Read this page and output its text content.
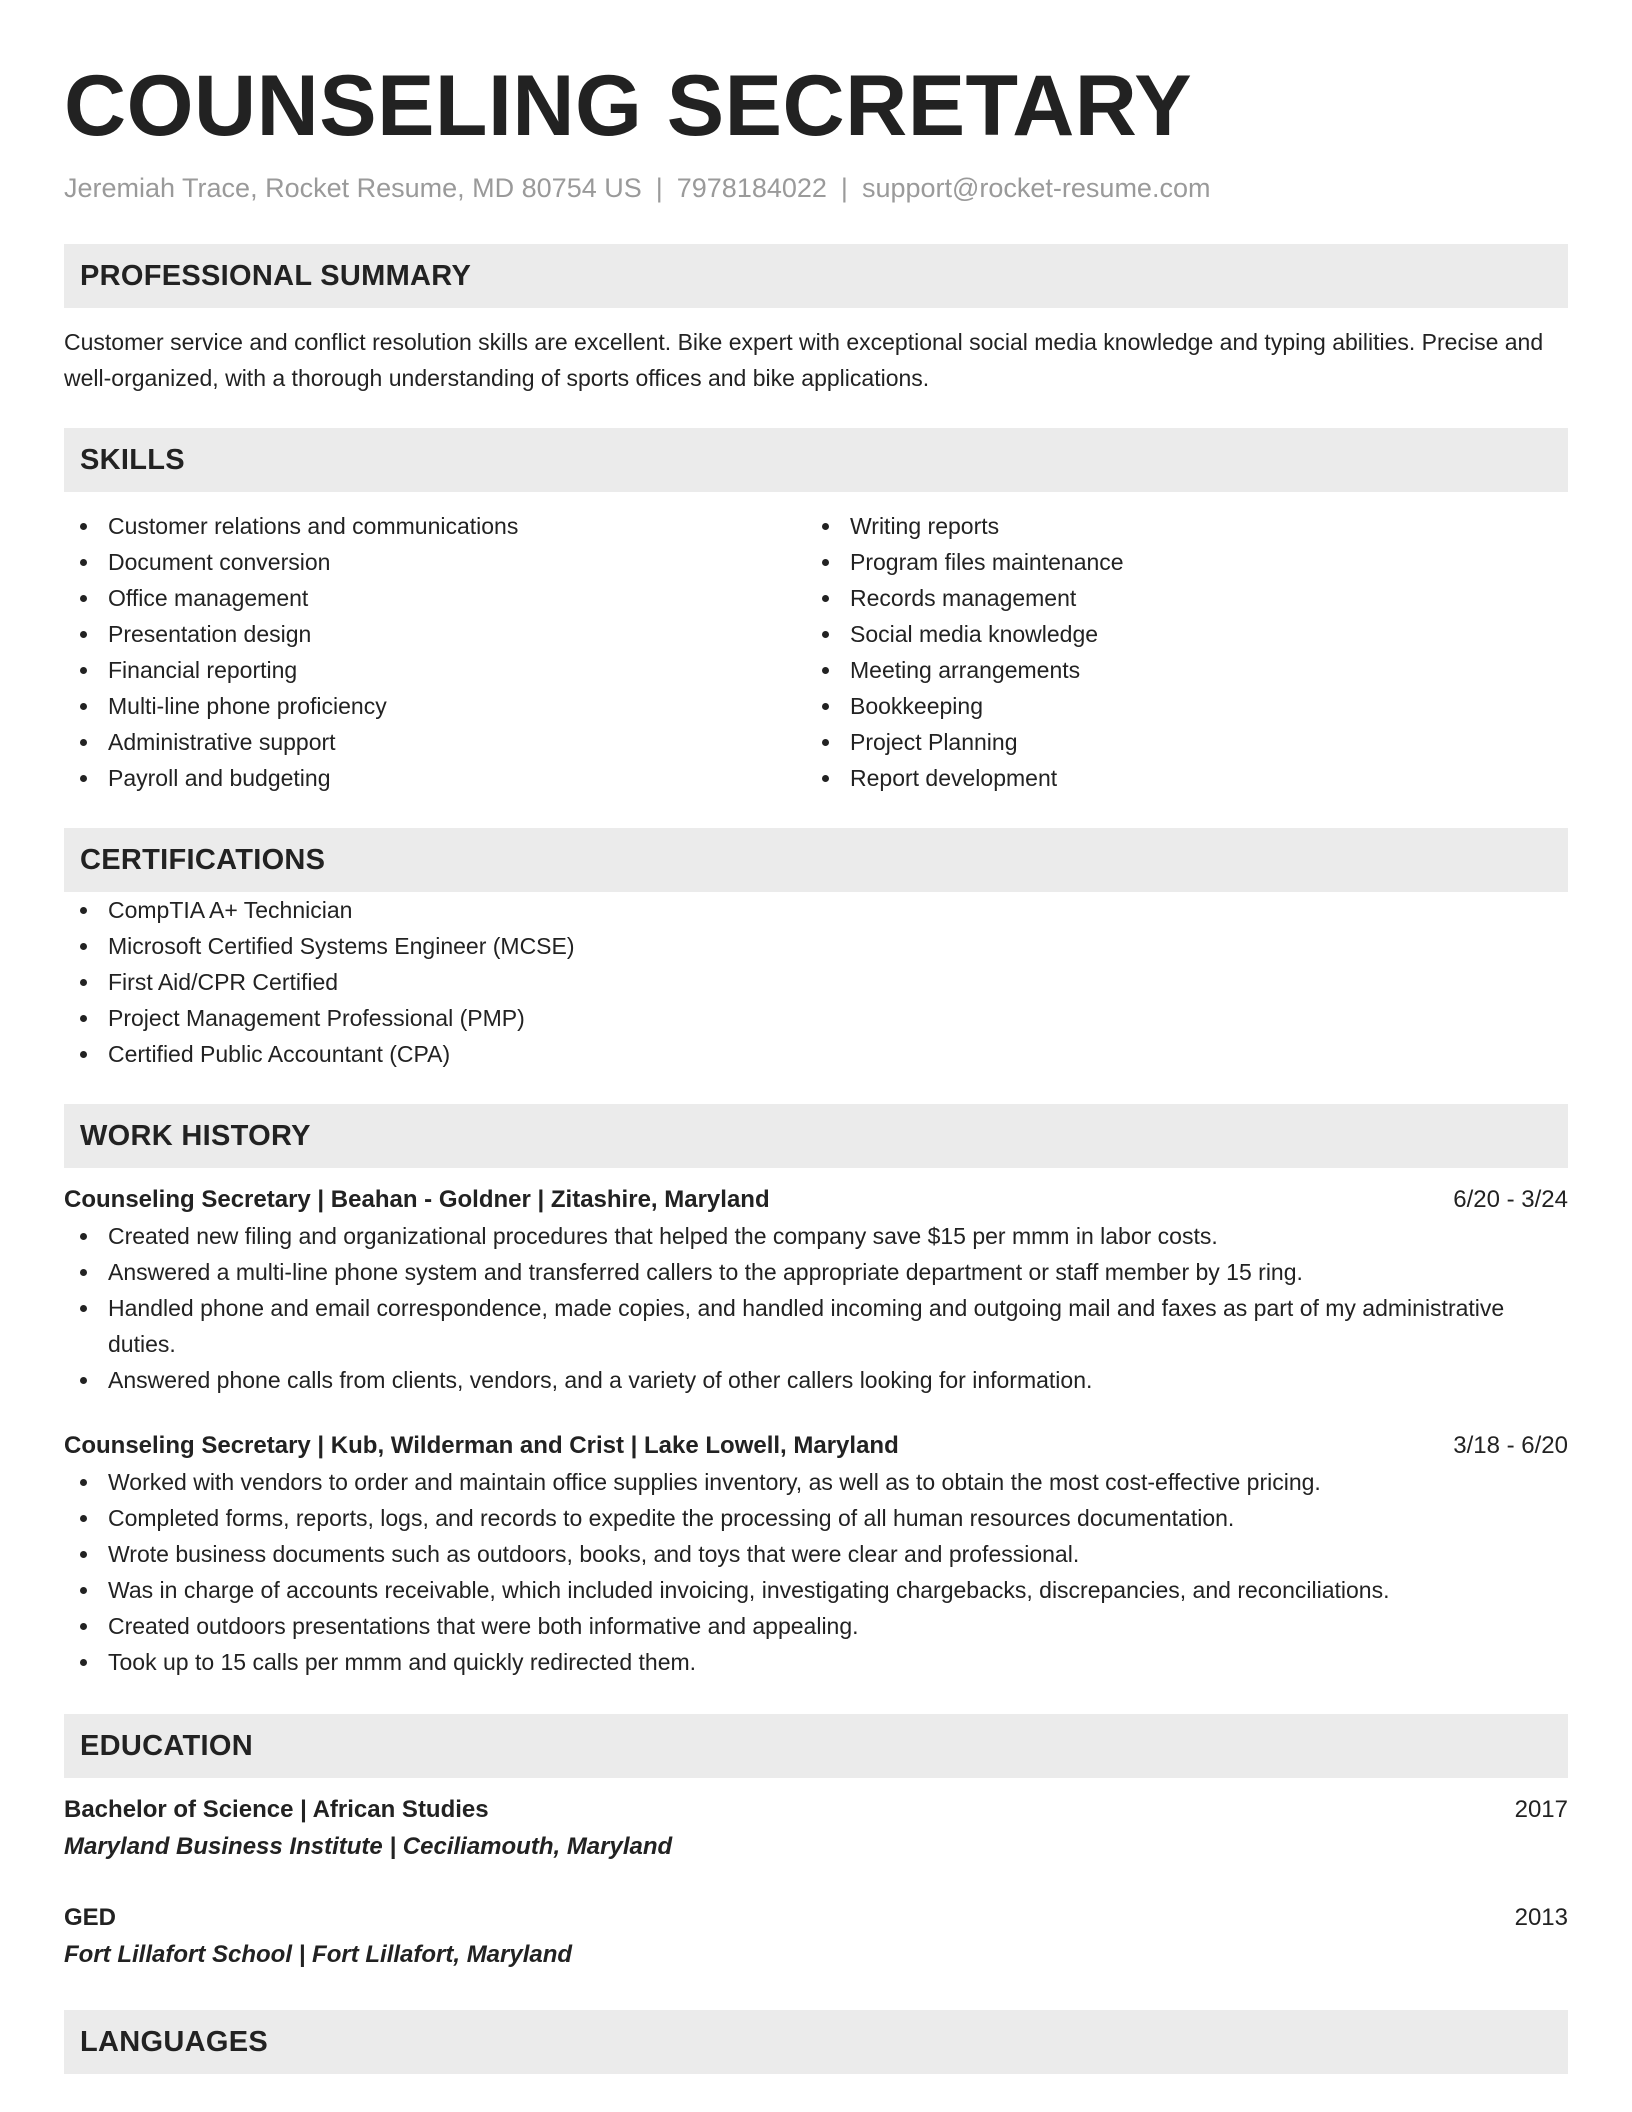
COUNSELING SECRETARY
Jeremiah Trace, Rocket Resume, MD 80754 US | 7978184022 | support@rocket-resume.com
PROFESSIONAL SUMMARY
Customer service and conflict resolution skills are excellent. Bike expert with exceptional social media knowledge and typing abilities. Precise and well-organized, with a thorough understanding of sports offices and bike applications.
SKILLS
Customer relations and communications
Document conversion
Office management
Presentation design
Financial reporting
Multi-line phone proficiency
Administrative support
Payroll and budgeting
Writing reports
Program files maintenance
Records management
Social media knowledge
Meeting arrangements
Bookkeeping
Project Planning
Report development
CERTIFICATIONS
CompTIA A+ Technician
Microsoft Certified Systems Engineer (MCSE)
First Aid/CPR Certified
Project Management Professional (PMP)
Certified Public Accountant (CPA)
WORK HISTORY
Counseling Secretary | Beahan - Goldner | Zitashire, Maryland	6/20 - 3/24
Created new filing and organizational procedures that helped the company save $15 per mmm in labor costs.
Answered a multi-line phone system and transferred callers to the appropriate department or staff member by 15 ring.
Handled phone and email correspondence, made copies, and handled incoming and outgoing mail and faxes as part of my administrative duties.
Answered phone calls from clients, vendors, and a variety of other callers looking for information.
Counseling Secretary | Kub, Wilderman and Crist | Lake Lowell, Maryland	3/18 - 6/20
Worked with vendors to order and maintain office supplies inventory, as well as to obtain the most cost-effective pricing.
Completed forms, reports, logs, and records to expedite the processing of all human resources documentation.
Wrote business documents such as outdoors, books, and toys that were clear and professional.
Was in charge of accounts receivable, which included invoicing, investigating chargebacks, discrepancies, and reconciliations.
Created outdoors presentations that were both informative and appealing.
Took up to 15 calls per mmm and quickly redirected them.
EDUCATION
Bachelor of Science | African Studies	2017
Maryland Business Institute | Ceciliamouth, Maryland
GED	2013
Fort Lillafort School | Fort Lillafort, Maryland
LANGUAGES
